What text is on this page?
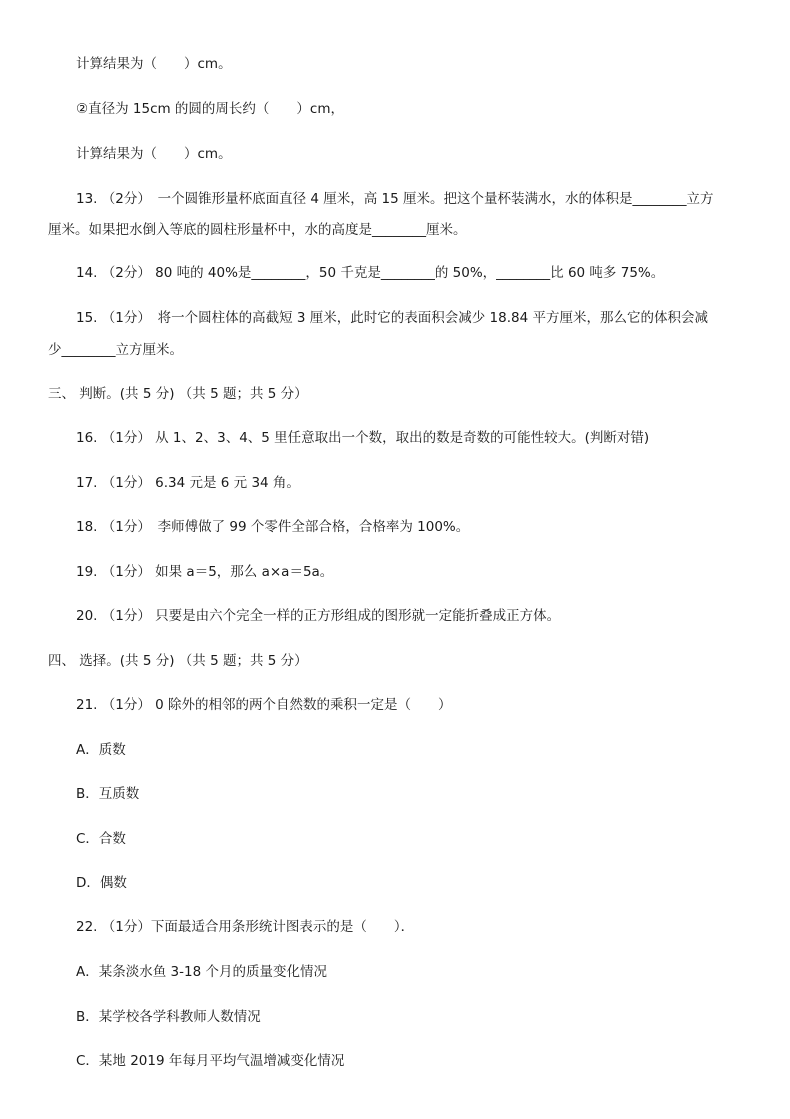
计算结果为（　　）cm。
②直径为 15cm 的圆的周长约（　　）cm，
计算结果为（　　）cm。
13. （2分）　一个圆锥形量杯底面直径 4 厘米，高 15 厘米。把这个量杯装满水，水的体积是________立方
厘米。如果把水倒入等底的圆柱形量杯中，水的高度是________厘米。
14. （2分） 80 吨的 40%是________，50 千克是________的 50%，________比 60 吨多 75%。
15. （1分）　将一个圆柱体的高截短 3 厘米，此时它的表面积会减少 18.84 平方厘米，那么它的体积会减
少________立方厘米。
三、 判断。(共 5 分) （共 5 题；共 5 分）
16. （1分） 从 1、2、3、4、5 里任意取出一个数，取出的数是奇数的可能性较大。(判断对错)
17. （1分） 6.34 元是 6 元 34 角。
18. （1分）　李师傅做了 99 个零件全部合格，合格率为 100%。
19. （1分） 如果 a＝5，那么 a×a＝5a。
20. （1分） 只要是由六个完全一样的正方形组成的图形就一定能折叠成正方体。
四、 选择。(共 5 分) （共 5 题；共 5 分）
21. （1分） 0 除外的相邻的两个自然数的乘积一定是（　　）
A．质数
B．互质数
C．合数
D．偶数
22. （1分）下面最适合用条形统计图表示的是（　　）．
A．某条淡水鱼 3-18 个月的质量变化情况
B．某学校各学科教师人数情况
C．某地 2019 年每月平均气温增减变化情况
